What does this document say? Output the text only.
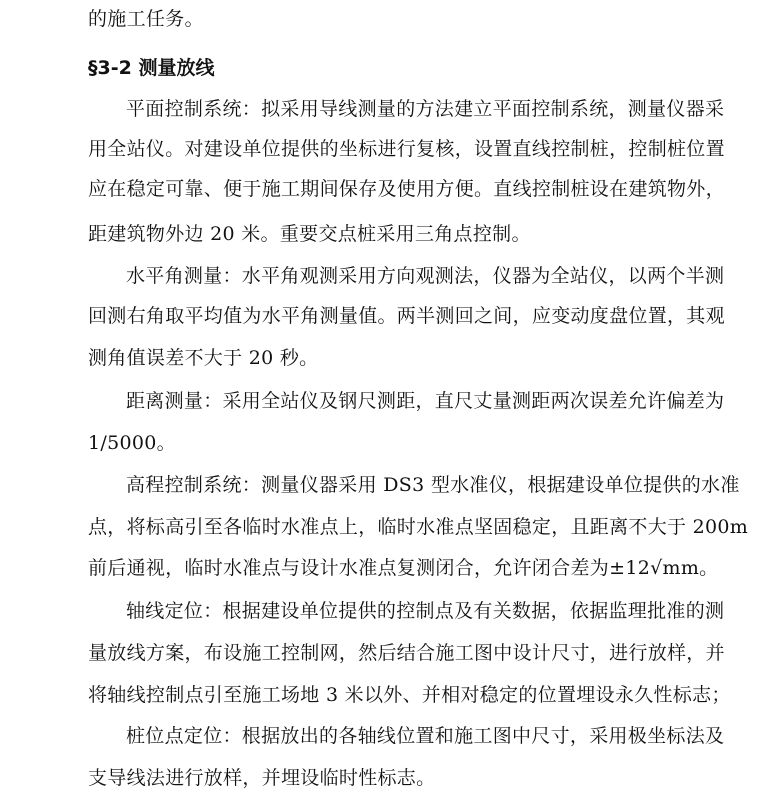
的施工任务。
§3-2 测量放线
平面控制系统：拟采用导线测量的方法建立平面控制系统，测量仪器采
用全站仪。对建设单位提供的坐标进行复核，设置直线控制桩，控制桩位置
应在稳定可靠、便于施工期间保存及使用方便。直线控制桩设在建筑物外，
距建筑物外边 20 米。重要交点桩采用三角点控制。
水平角测量：水平角观测采用方向观测法，仪器为全站仪，以两个半测
回测右角取平均值为水平角测量值。两半测回之间，应变动度盘位置，其观
测角值误差不大于 20 秒。
距离测量：采用全站仪及钢尺测距，直尺丈量测距两次误差允许偏差为
1/5000。
高程控制系统：测量仪器采用 DS3 型水准仪，根据建设单位提供的水准
点，将标高引至各临时水准点上，临时水准点坚固稳定，且距离不大于 200m
前后通视，临时水准点与设计水准点复测闭合，允许闭合差为±12√mm。
轴线定位：根据建设单位提供的控制点及有关数据，依据监理批准的测
量放线方案，布设施工控制网，然后结合施工图中设计尺寸，进行放样，并
将轴线控制点引至施工场地 3 米以外、并相对稳定的位置埋设永久性标志；
桩位点定位：根据放出的各轴线位置和施工图中尺寸，采用极坐标法及
支导线法进行放样，并埋设临时性标志。
